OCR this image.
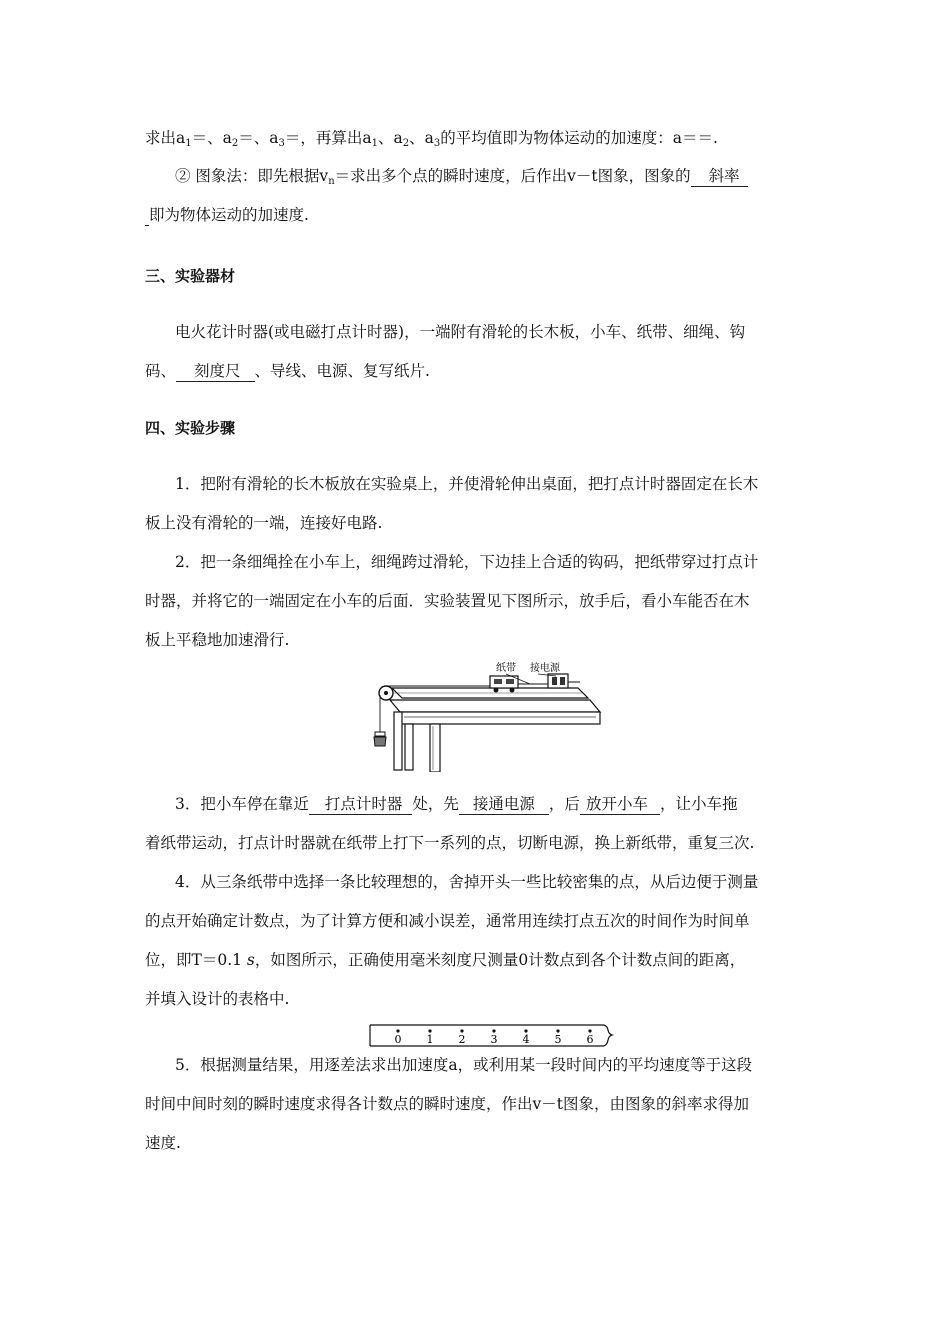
求出$a_1=$、$a_2=$、$a_3=$，再算出$a_1$、$a_2$、$a_3$的平均值即为物体运动的加速度：a＝＝.
② 图象法：即先根据$v_n=$求出多个点的瞬时速度，后作出v－t图象，图象的 斜率
即为物体运动的加速度.
三、实验器材
电火花计时器(或电磁打点计时器)，一端附有滑轮的长木板，小车、纸带、细绳、钩
码、 刻度尺 、导线、电源、复写纸片.
四、实验步骤
1．把附有滑轮的长木板放在实验桌上，并使滑轮伸出桌面，把打点计时器固定在长木
板上没有滑轮的一端，连接好电路.
2．把一条细绳拴在小车上，细绳跨过滑轮，下边挂上合适的钩码，把纸带穿过打点计
时器，并将它的一端固定在小车的后面．实验装置见下图所示，放手后，看小车能否在木
板上平稳地加速滑行.
纸带 接电源
3．把小车停在靠近 打点计时器 处，先 接通电源 ，后 放开小车 ，让小车拖
着纸带运动，打点计时器就在纸带上打下一系列的点，切断电源，换上新纸带，重复三次.
4．从三条纸带中选择一条比较理想的，舍掉开头一些比较密集的点，从后边便于测量
的点开始确定计数点，为了计算方便和减小误差，通常用连续打点五次的时间作为时间单
位，即T＝0.1 s，如图所示，正确使用毫米刻度尺测量0计数点到各个计数点间的距离，
并填入设计的表格中.
0 1 2 3 4 5 6
5．根据测量结果，用逐差法求出加速度a，或利用某一段时间内的平均速度等于这段
时间中间时刻的瞬时速度求得各计数点的瞬时速度，作出v－t图象，由图象的斜率求得加
速度.
